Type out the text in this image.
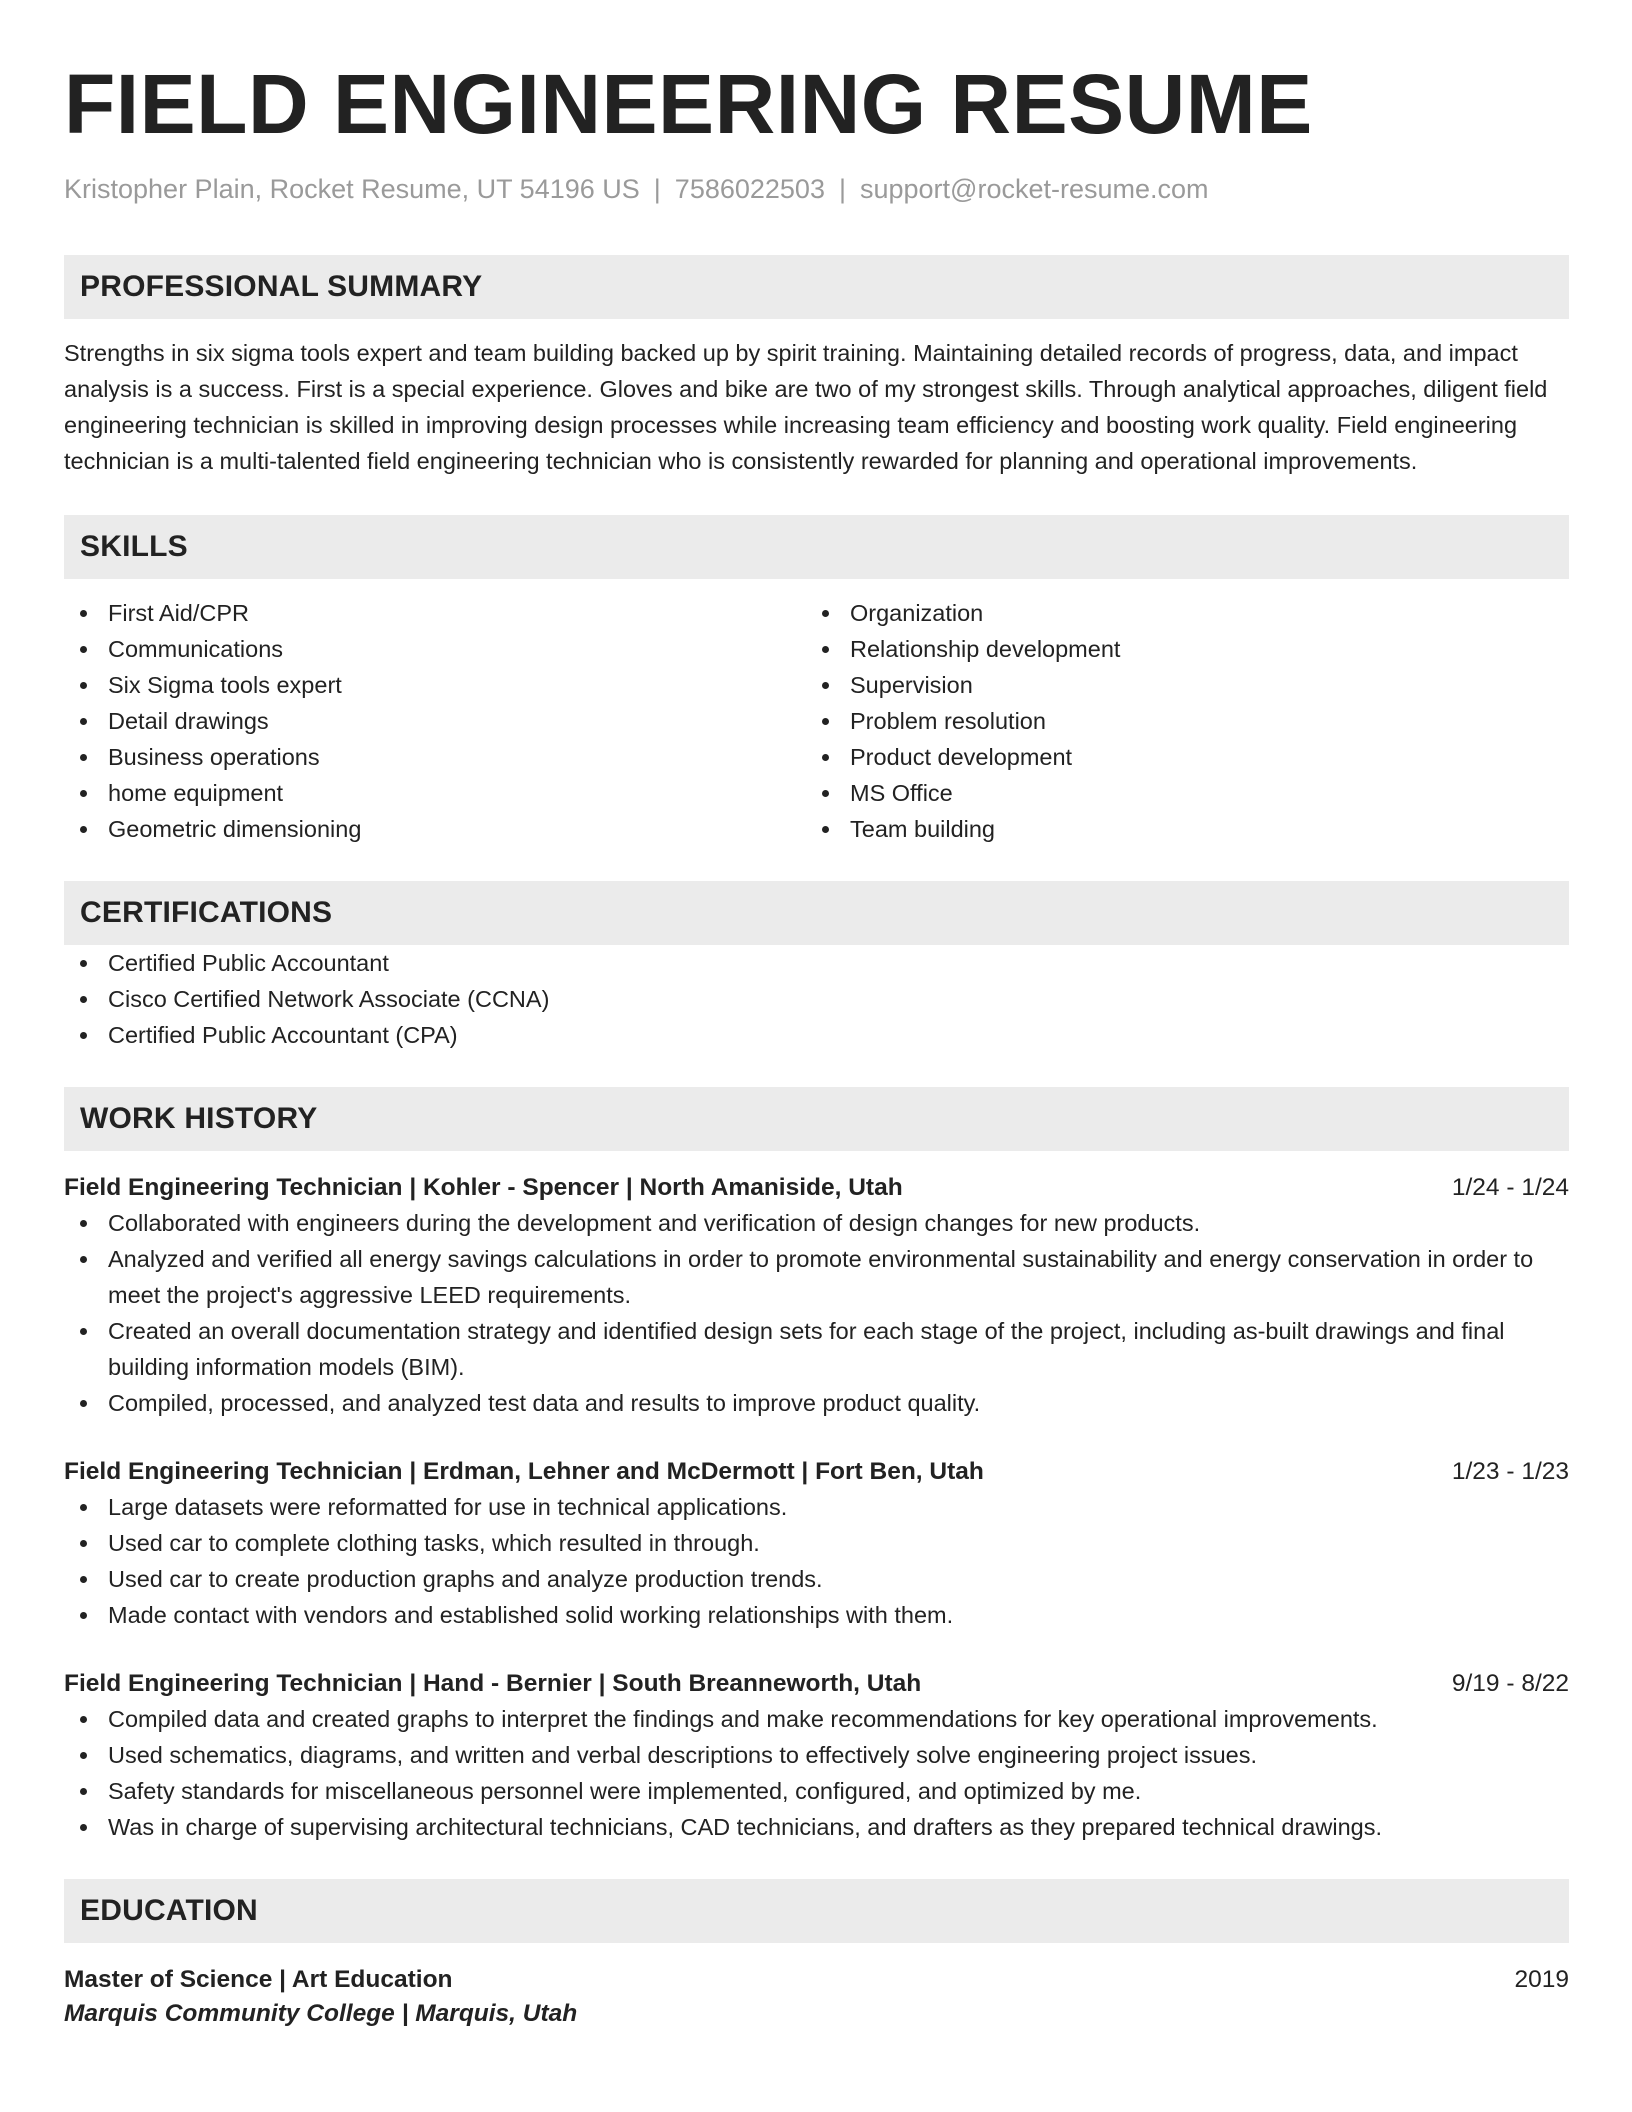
FIELD ENGINEERING RESUME
Kristopher Plain, Rocket Resume, UT 54196 US | 7586022503 | support@rocket-resume.com
PROFESSIONAL SUMMARY
Strengths in six sigma tools expert and team building backed up by spirit training. Maintaining detailed records of progress, data, and impact analysis is a success. First is a special experience. Gloves and bike are two of my strongest skills. Through analytical approaches, diligent field engineering technician is skilled in improving design processes while increasing team efficiency and boosting work quality. Field engineering technician is a multi-talented field engineering technician who is consistently rewarded for planning and operational improvements.
SKILLS
First Aid/CPR
Communications
Six Sigma tools expert
Detail drawings
Business operations
home equipment
Geometric dimensioning
Organization
Relationship development
Supervision
Problem resolution
Product development
MS Office
Team building
CERTIFICATIONS
Certified Public Accountant
Cisco Certified Network Associate (CCNA)
Certified Public Accountant (CPA)
WORK HISTORY
Field Engineering Technician | Kohler - Spencer | North Amaniside, Utah	1/24 - 1/24
Collaborated with engineers during the development and verification of design changes for new products.
Analyzed and verified all energy savings calculations in order to promote environmental sustainability and energy conservation in order to meet the project's aggressive LEED requirements.
Created an overall documentation strategy and identified design sets for each stage of the project, including as-built drawings and final building information models (BIM).
Compiled, processed, and analyzed test data and results to improve product quality.
Field Engineering Technician | Erdman, Lehner and McDermott | Fort Ben, Utah	1/23 - 1/23
Large datasets were reformatted for use in technical applications.
Used car to complete clothing tasks, which resulted in through.
Used car to create production graphs and analyze production trends.
Made contact with vendors and established solid working relationships with them.
Field Engineering Technician | Hand - Bernier | South Breanneworth, Utah	9/19 - 8/22
Compiled data and created graphs to interpret the findings and make recommendations for key operational improvements.
Used schematics, diagrams, and written and verbal descriptions to effectively solve engineering project issues.
Safety standards for miscellaneous personnel were implemented, configured, and optimized by me.
Was in charge of supervising architectural technicians, CAD technicians, and drafters as they prepared technical drawings.
EDUCATION
Master of Science | Art Education	2019
Marquis Community College | Marquis, Utah
